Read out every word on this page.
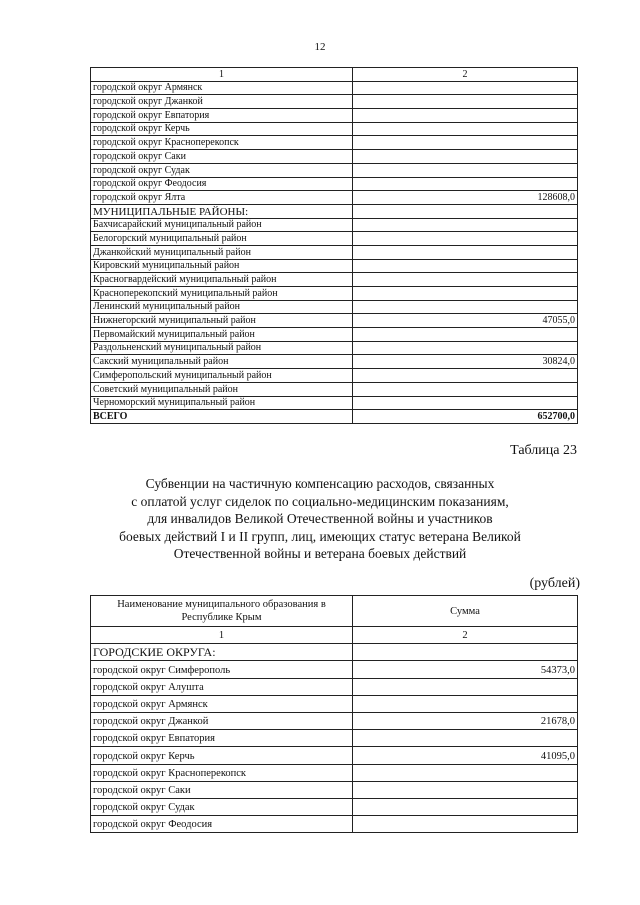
12
1	2
городской округ Армянск	
городской округ Джанкой	
городской округ Евпатория	
городской округ Керчь	
городской округ Красноперекопск	
городской округ Саки	
городской округ Судак	
городской округ Феодосия	
городской округ Ялта	128608,0
МУНИЦИПАЛЬНЫЕ РАЙОНЫ:	
Бахчисарайский муниципальный район	
Белогорский муниципальный район	
Джанкойский муниципальный район	
Кировский муниципальный район	
Красногвардейский муниципальный район	
Красноперекопский муниципальный район	
Ленинский муниципальный район	
Нижнегорский муниципальный район	47055,0
Первомайский муниципальный район	
Раздольненский муниципальный район	
Сакский муниципальный район	30824,0
Симферопольский муниципальный район	
Советский муниципальный район	
Черноморский муниципальный район	
ВСЕГО	652700,0
Таблица 23
Субвенции на частичную компенсацию расходов, связанных
с оплатой услуг сиделок по социально-медицинским показаниям,
для инвалидов Великой Отечественной войны и участников
боевых действий I и II групп, лиц, имеющих статус ветерана Великой
Отечественной войны и ветерана боевых действий
(рублей)
Наименование муниципального образования в Республике Крым	Сумма
1	2
ГОРОДСКИЕ ОКРУГА:	
городской округ Симферополь	54373,0
городской округ Алушта	
городской округ Армянск	
городской округ Джанкой	21678,0
городской округ Евпатория	
городской округ Керчь	41095,0
городской округ Красноперекопск	
городской округ Саки	
городской округ Судак	
городской округ Феодосия	
